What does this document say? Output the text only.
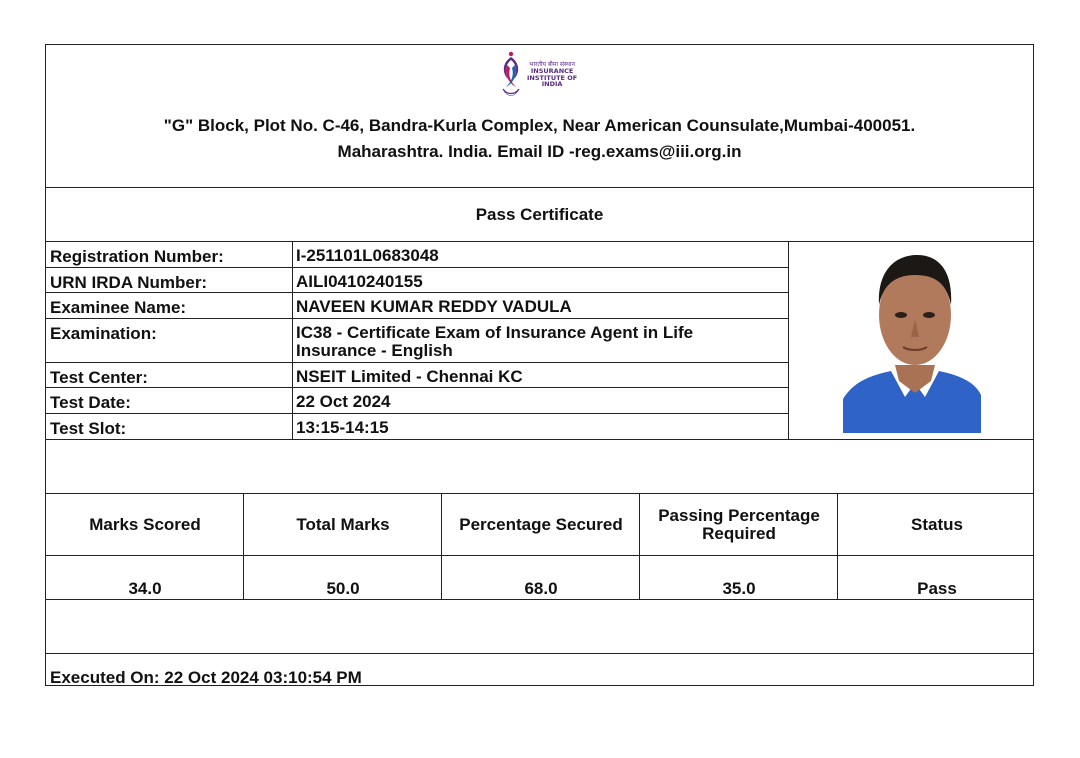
भारतीय बीमा संस्थान
INSURANCE
INSTITUTE OF
INDIA
"G" Block, Plot No. C-46, Bandra-Kurla Complex, Near American Counsulate,Mumbai-400051.
Maharashtra. India. Email ID -reg.exams@iii.org.in
Pass Certificate
Registration Number:	I-251101L0683048
URN IRDA Number:	AILI0410240155
Examinee Name:	NAVEEN KUMAR REDDY VADULA
Examination:	IC38 - Certificate Exam of Insurance Agent in Life Insurance - English
Test Center:	NSEIT Limited - Chennai KC
Test Date:	22 Oct 2024
Test Slot:	13:15-14:15
Marks Scored	Total Marks	Percentage Secured	Passing Percentage Required	Status
34.0	50.0	68.0	35.0	Pass
Executed On: 22 Oct 2024 03:10:54 PM
